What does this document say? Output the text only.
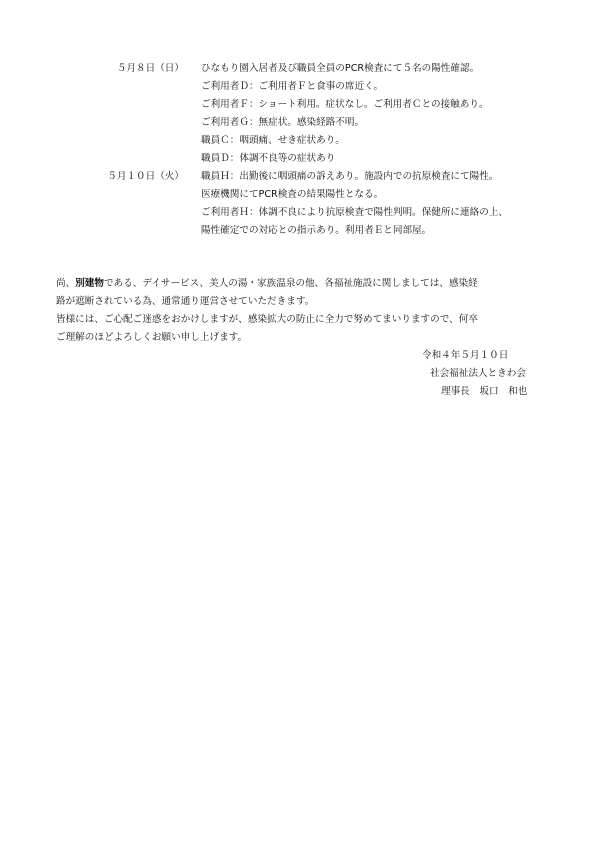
５月８日（日） ひなもり園入居者及び職員全員のPCR検査にて５名の陽性確認。
ご利用者Ｄ：ご利用者Ｆと食事の席近く。
ご利用者Ｆ：ショート利用。症状なし。ご利用者Ｃとの接触あり。
ご利用者Ｇ：無症状。感染経路不明。
職員Ｃ：咽頭痛、せき症状あり。
職員Ｄ：体調不良等の症状あり
５月１０日（火） 職員Ｈ：出勤後に咽頭痛の訴えあり。施設内での抗原検査にて陽性。
医療機関にてPCR検査の結果陽性となる。
ご利用者Ｈ：体調不良により抗原検査で陽性判明。保健所に連絡の上、
陽性確定での対応との指示あり。利用者Ｅと同部屋。
尚、別建物である、デイサービス、美人の湯・家族温泉の他、各福祉施設に関しましては、感染経
路が遮断されている為、通常通り運営させていただきます。
皆様には、ご心配ご迷惑をおかけしますが、感染拡大の防止に全力で努めてまいりますので、何卒
ご理解のほどよろしくお願い申し上げます。
令和４年５月１０日
社会福祉法人ときわ会
理事長　坂口　和也
